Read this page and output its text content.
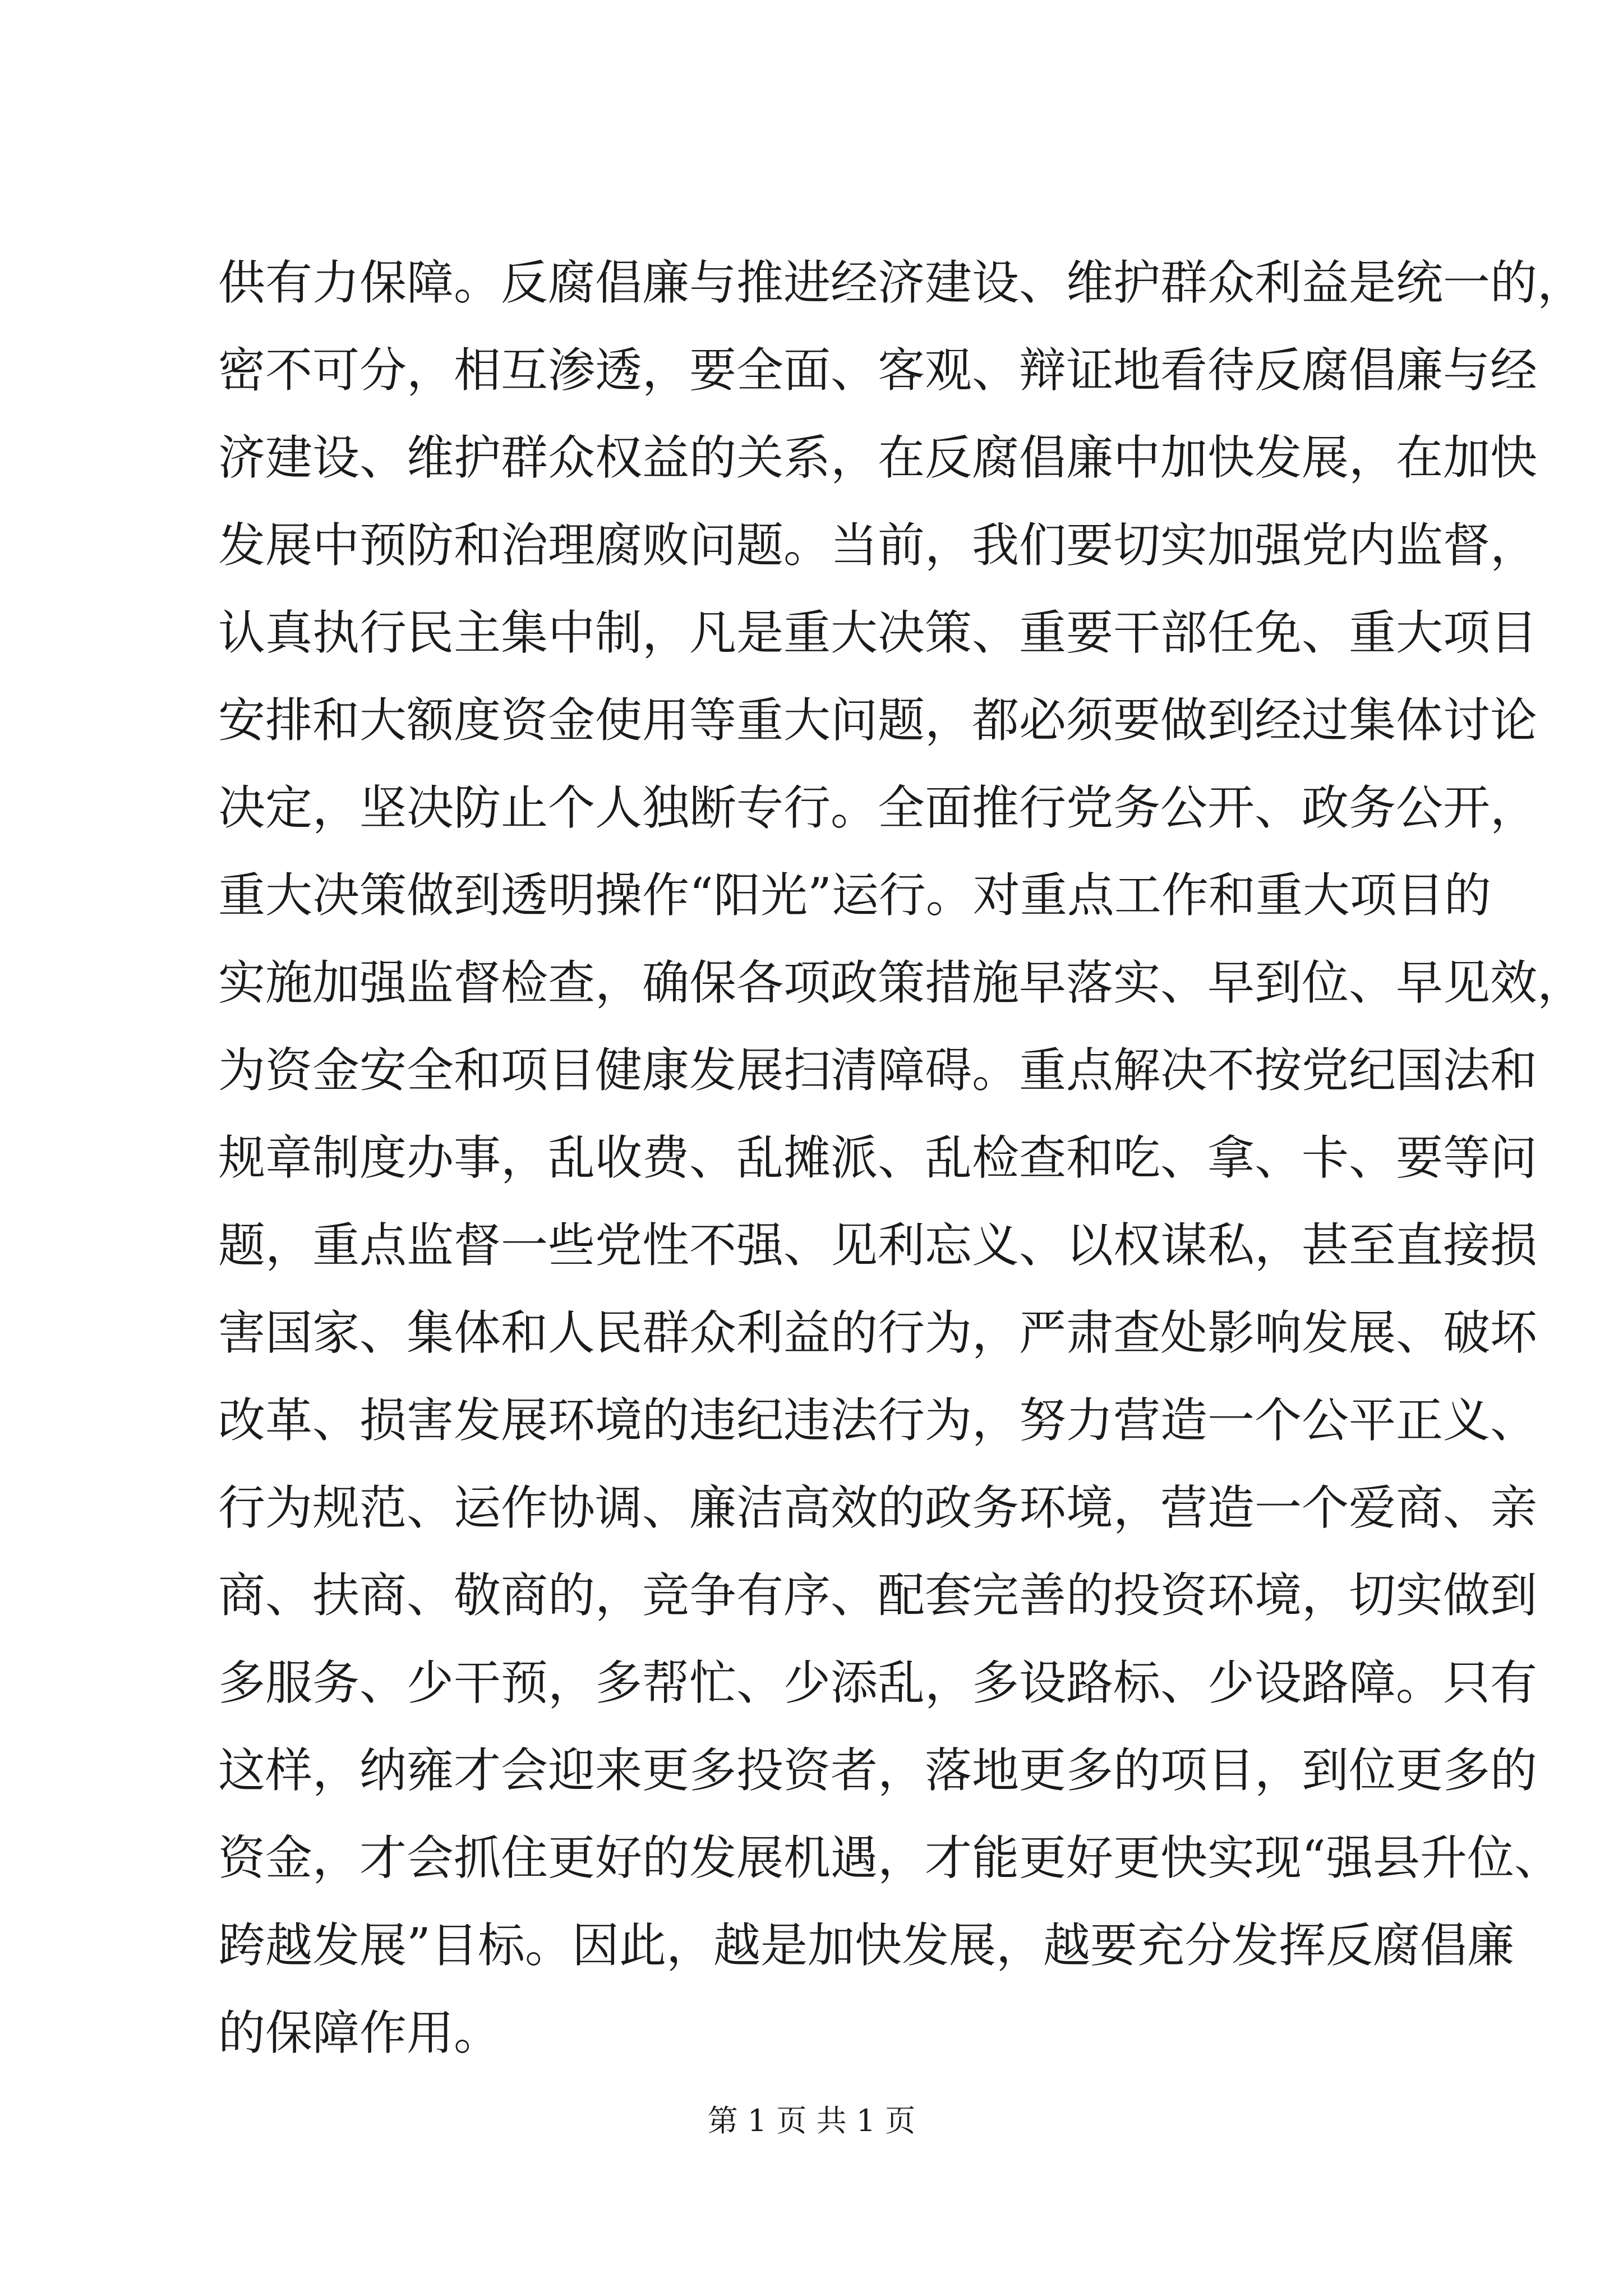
供有力保障。反腐倡廉与推进经济建设、维护群众利益是统一的，
密不可分，相互渗透，要全面、客观、辩证地看待反腐倡廉与经
济建设、维护群众权益的关系，在反腐倡廉中加快发展，在加快
发展中预防和治理腐败问题。当前，我们要切实加强党内监督，
认真执行民主集中制，凡是重大决策、重要干部任免、重大项目
安排和大额度资金使用等重大问题，都必须要做到经过集体讨论
决定，坚决防止个人独断专行。全面推行党务公开、政务公开，
重大决策做到透明操作“阳光”运行。对重点工作和重大项目的
实施加强监督检查，确保各项政策措施早落实、早到位、早见效，
为资金安全和项目健康发展扫清障碍。重点解决不按党纪国法和
规章制度办事，乱收费、乱摊派、乱检查和吃、拿、卡、要等问
题，重点监督一些党性不强、见利忘义、以权谋私，甚至直接损
害国家、集体和人民群众利益的行为，严肃查处影响发展、破坏
改革、损害发展环境的违纪违法行为，努力营造一个公平正义、
行为规范、运作协调、廉洁高效的政务环境，营造一个爱商、亲
商、扶商、敬商的，竞争有序、配套完善的投资环境，切实做到
多服务、少干预，多帮忙、少添乱，多设路标、少设路障。只有
这样，纳雍才会迎来更多投资者，落地更多的项目，到位更多的
资金，才会抓住更好的发展机遇，才能更好更快实现“强县升位、
跨越发展”目标。因此，越是加快发展，越要充分发挥反腐倡廉
的保障作用。
第 1 页 共 1 页
